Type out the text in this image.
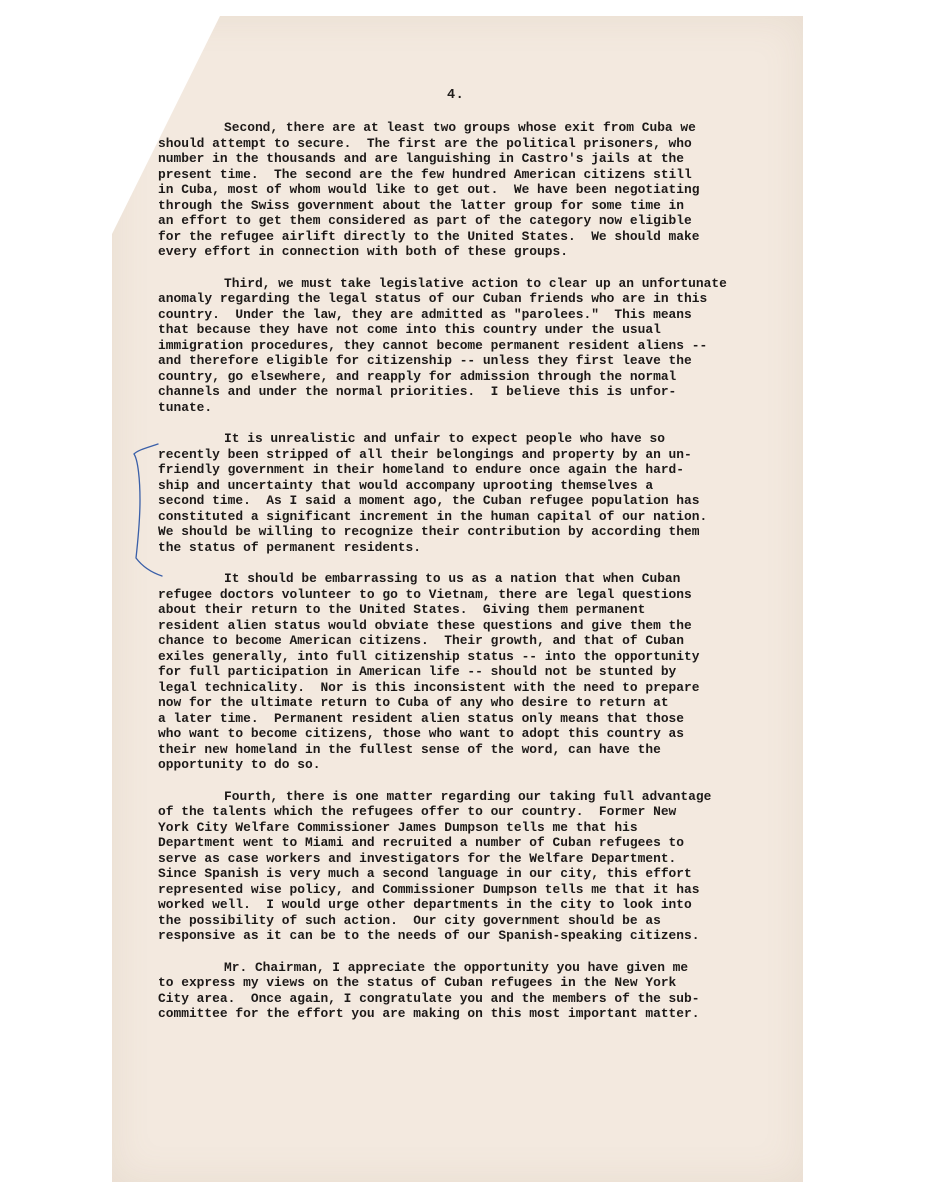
4.
Second, there are at least two groups whose exit from Cuba we
should attempt to secure.  The first are the political prisoners, who
number in the thousands and are languishing in Castro's jails at the
present time.  The second are the few hundred American citizens still
in Cuba, most of whom would like to get out.  We have been negotiating
through the Swiss government about the latter group for some time in
an effort to get them considered as part of the category now eligible
for the refugee airlift directly to the United States.  We should make
every effort in connection with both of these groups.
Third, we must take legislative action to clear up an unfortunate
anomaly regarding the legal status of our Cuban friends who are in this
country.  Under the law, they are admitted as "parolees."  This means
that because they have not come into this country under the usual
immigration procedures, they cannot become permanent resident aliens --
and therefore eligible for citizenship -- unless they first leave the
country, go elsewhere, and reapply for admission through the normal
channels and under the normal priorities.  I believe this is unfor-
tunate.
It is unrealistic and unfair to expect people who have so
recently been stripped of all their belongings and property by an un-
friendly government in their homeland to endure once again the hard-
ship and uncertainty that would accompany uprooting themselves a
second time.  As I said a moment ago, the Cuban refugee population has
constituted a significant increment in the human capital of our nation.
We should be willing to recognize their contribution by according them
the status of permanent residents.
It should be embarrassing to us as a nation that when Cuban
refugee doctors volunteer to go to Vietnam, there are legal questions
about their return to the United States.  Giving them permanent
resident alien status would obviate these questions and give them the
chance to become American citizens.  Their growth, and that of Cuban
exiles generally, into full citizenship status -- into the opportunity
for full participation in American life -- should not be stunted by
legal technicality.  Nor is this inconsistent with the need to prepare
now for the ultimate return to Cuba of any who desire to return at
a later time.  Permanent resident alien status only means that those
who want to become citizens, those who want to adopt this country as
their new homeland in the fullest sense of the word, can have the
opportunity to do so.
Fourth, there is one matter regarding our taking full advantage
of the talents which the refugees offer to our country.  Former New
York City Welfare Commissioner James Dumpson tells me that his
Department went to Miami and recruited a number of Cuban refugees to
serve as case workers and investigators for the Welfare Department.
Since Spanish is very much a second language in our city, this effort
represented wise policy, and Commissioner Dumpson tells me that it has
worked well.  I would urge other departments in the city to look into
the possibility of such action.  Our city government should be as
responsive as it can be to the needs of our Spanish-speaking citizens.
Mr. Chairman, I appreciate the opportunity you have given me
to express my views on the status of Cuban refugees in the New York
City area.  Once again, I congratulate you and the members of the sub-
committee for the effort you are making on this most important matter.
